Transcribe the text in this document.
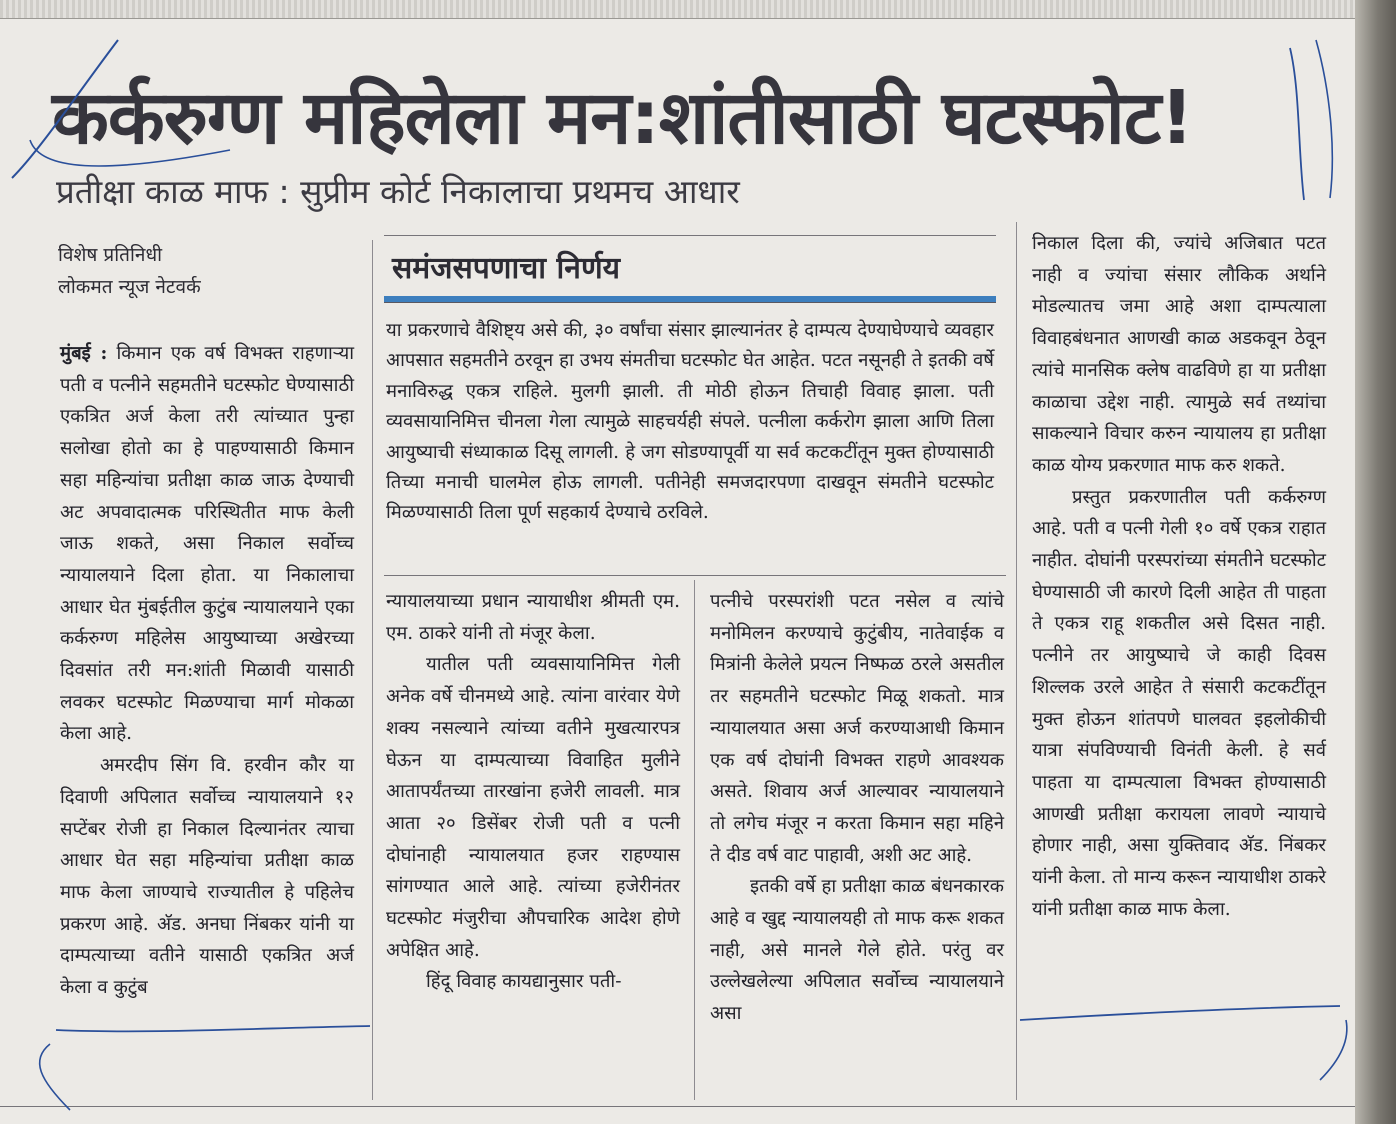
कर्करुग्ण महिलेला मन:शांतीसाठी घटस्फोट!
प्रतीक्षा काळ माफ : सुप्रीम कोर्ट निकालाचा प्रथमच आधार
विशेष प्रतिनिधी
लोकमत न्यूज नेटवर्क
समंजसपणाचा निर्णय
या प्रकरणाचे वैशिष्ट्य असे की, ३० वर्षांचा संसार झाल्यानंतर हे दाम्पत्य देण्याघेण्याचे व्यवहार आपसात सहमतीने ठरवून हा उभय संमतीचा घटस्फोट घेत आहेत. पटत नसूनही ते इतकी वर्षे मनाविरुद्ध एकत्र राहिले. मुलगी झाली. ती मोठी होऊन तिचाही विवाह झाला. पती व्यवसायानिमित्त चीनला गेला त्यामुळे साहचर्यही संपले. पत्नीला कर्करोग झाला आणि तिला आयुष्याची संध्याकाळ दिसू लागली. हे जग सोडण्यापूर्वी या सर्व कटकटींतून मुक्त होण्यासाठी तिच्या मनाची घालमेल होऊ लागली. पतीनेही समजदारपणा दाखवून संमतीने घटस्फोट मिळण्यासाठी तिला पूर्ण सहकार्य देण्याचे ठरविले.

मुंबई : किमान एक वर्ष विभक्त राहणाऱ्या पती व पत्नीने सहमतीने घटस्फोट घेण्यासाठी एकत्रित अर्ज केला तरी त्यांच्यात पुन्हा सलोखा होतो का हे पाहण्यासाठी किमान सहा महिन्यांचा प्रतीक्षा काळ जाऊ देण्याची अट अपवादात्मक परिस्थितीत माफ केली जाऊ शकते, असा निकाल सर्वोच्च न्यायालयाने दिला होता. या निकालाचा आधार घेत मुंबईतील कुटुंब न्यायालयाने एका कर्करुग्ण महिलेस आयुष्याच्या अखेरच्या दिवसांत तरी मन:शांती मिळावी यासाठी लवकर घटस्फोट मिळण्याचा मार्ग मोकळा केला आहे.

अमरदीप सिंग वि. हरवीन कौर या दिवाणी अपिलात सर्वोच्च न्यायालयाने १२ सप्टेंबर रोजी हा निकाल दिल्यानंतर त्याचा आधार घेत सहा महिन्यांचा प्रतीक्षा काळ माफ केला जाण्याचे राज्यातील हे पहिलेच प्रकरण आहे. अ‍ॅड. अनघा निंबकर यांनी या दाम्पत्याच्या वतीने यासाठी एकत्रित अर्ज केला व कुटुंब

न्यायालयाच्या प्रधान न्यायाधीश श्रीमती एम. एम. ठाकरे यांनी तो मंजूर केला.

यातील पती व्यवसायानिमित्त गेली अनेक वर्षे चीनमध्ये आहे. त्यांना वारंवार येणे शक्य नसल्याने त्यांच्या वतीने मुखत्यारपत्र घेऊन या दाम्पत्याच्या विवाहित मुलीने आतापर्यंतच्या तारखांना हजेरी लावली. मात्र आता २० डिसेंबर रोजी पती व पत्नी दोघांनाही न्यायालयात हजर राहण्यास सांगण्यात आले आहे. त्यांच्या हजेरीनंतर घटस्फोट मंजुरीचा औपचारिक आदेश होणे अपेक्षित आहे.

हिंदू विवाह कायद्यानुसार पती-

पत्नीचे परस्परांशी पटत नसेल व त्यांचे मनोमिलन करण्याचे कुटुंबीय, नातेवाईक व मित्रांनी केलेले प्रयत्न निष्फळ ठरले असतील तर सहमतीने घटस्फोट मिळू शकतो. मात्र न्यायालयात असा अर्ज करण्याआधी किमान एक वर्ष दोघांनी विभक्त राहणे आवश्यक असते. शिवाय अर्ज आल्यावर न्यायालयाने तो लगेच मंजूर न करता किमान सहा महिने ते दीड वर्ष वाट पाहावी, अशी अट आहे.

इतकी वर्षे हा प्रतीक्षा काळ बंधनकारक आहे व खुद्द न्यायालयही तो माफ करू शकत नाही, असे मानले गेले होते. परंतु वर उल्लेखलेल्या अपिलात सर्वोच्च न्यायालयाने असा

निकाल दिला की, ज्यांचे अजिबात पटत नाही व ज्यांचा संसार लौकिक अर्थाने मोडल्यातच जमा आहे अशा दाम्पत्याला विवाहबंधनात आणखी काळ अडकवून ठेवून त्यांचे मानसिक क्लेष वाढविणे हा या प्रतीक्षा काळाचा उद्देश नाही. त्यामुळे सर्व तथ्यांचा साकल्याने विचार करुन न्यायालय हा प्रतीक्षा काळ योग्य प्रकरणात माफ करु शकते.

प्रस्तुत प्रकरणातील पती कर्करुग्ण आहे. पती व पत्नी गेली १० वर्षे एकत्र राहात नाहीत. दोघांनी परस्परांच्या संमतीने घटस्फोट घेण्यासाठी जी कारणे दिली आहेत ती पाहता ते एकत्र राहू शकतील असे दिसत नाही. पत्नीने तर आयुष्याचे जे काही दिवस शिल्लक उरले आहेत ते संसारी कटकटींतून मुक्त होऊन शांतपणे घालवत इहलोकीची यात्रा संपविण्याची विनंती केली. हे सर्व पाहता या दाम्पत्याला विभक्त होण्यासाठी आणखी प्रतीक्षा करायला लावणे न्यायाचे होणार नाही, असा युक्तिवाद अ‍ॅड. निंबकर यांनी केला. तो मान्य करून न्यायाधीश ठाकरे यांनी प्रतीक्षा काळ माफ केला.
